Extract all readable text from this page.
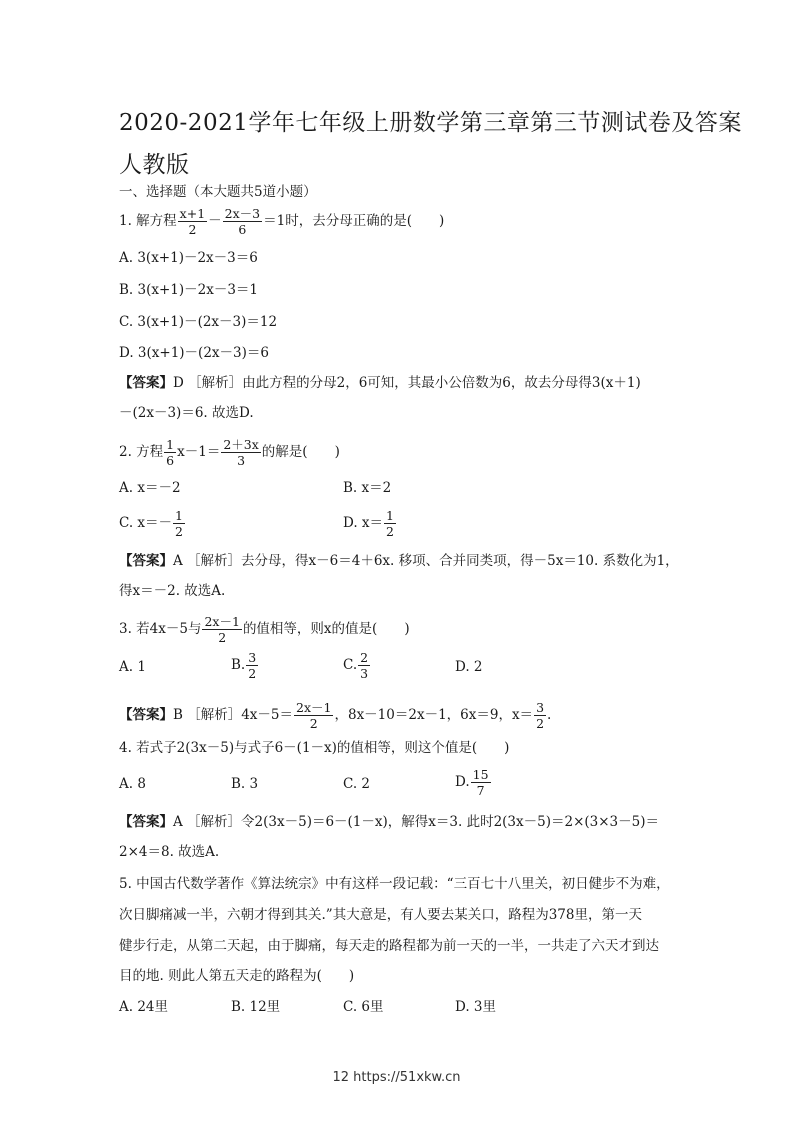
2020-2021学年七年级上册数学第三章第三节测试卷及答案
人教版
一、选择题（本大题共5道小题）
1. 解方程 $\frac{x+1}{2} - \frac{2x-3}{6} =1$时，去分母正确的是(　　)
A. 3(x+1)－2x－3＝6
B. 3(x+1)－2x－3＝1
C. 3(x+1)－(2x－3)＝12
D. 3(x+1)－(2x－3)＝6
【答案】D ［解析］由此方程的分母2，6可知，其最小公倍数为6，故去分母得3(x＋1)
－(2x－3)＝6. 故选D.
2. 方程 $\frac{1}{6} x-1= \frac{2+3x}{3}$ 的解是(　　)
A. x＝－2	B. x＝2
C. $x=- \frac{1}{2}$	D. $x= \frac{1}{2}$
【答案】A ［解析］去分母，得x－6＝4＋6x. 移项、合并同类项，得－5x＝10. 系数化为1，
得x＝－2. 故选A.
3. 若4x－5与 $\frac{2x-1}{2}$ 的值相等，则x的值是(　　)
A. 1	B. $\frac{3}{2}$	C. $\frac{2}{3}$	D. 2
【答案】B ［解析］4x－5＝ $\frac{2x-1}{2}$ ，8x－10＝2x－1，6x＝9，$x= \frac{3}{2}$ .
4. 若式子2(3x－5)与式子6－(1－x)的值相等，则这个值是(　　)
A. 8	B. 3	C. 2	D. $\frac{15}{7}$
【答案】A ［解析］令2(3x－5)＝6－(1－x)，解得x＝3. 此时2(3x－5)＝2×(3×3－5)＝
2×4＝8. 故选A.
5. 中国古代数学著作《算法统宗》中有这样一段记载：“三百七十八里关，初日健步不为难，
次日脚痛减一半，六朝才得到其关.”其大意是，有人要去某关口，路程为378里，第一天
健步行走，从第二天起，由于脚痛，每天走的路程都为前一天的一半，一共走了六天才到达
目的地. 则此人第五天走的路程为(　　)
A. 24里	B. 12里	C. 6里	D. 3里
12 https://51xkw.cn
